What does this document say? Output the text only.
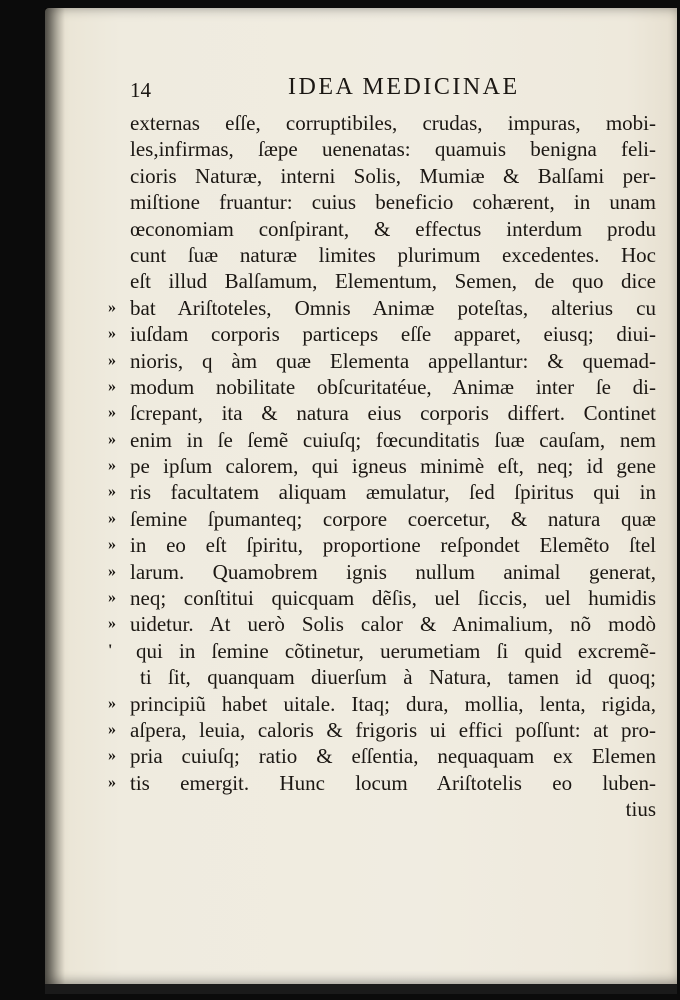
14	IDEA MEDICINAE
externas eſſe, corruptibiles, crudas, impuras, mobi-
les,infirmas, ſæpe uenenatas: quamuis benigna feli-
cioris Naturæ, interni Solis, Mumiæ & Balſami per-
miſtione fruantur: cuius beneficio cohærent, in unam
œconomiam conſpirant, & effectus interdum produ
cunt ſuæ naturæ limites plurimum excedentes. Hoc
eſt illud Balſamum, Elementum, Semen, de quo dice
» bat Ariſtoteles, Omnis Animæ poteſtas, alterius cu
» iuſdam corporis particeps eſſe apparet, eiusq; diui-
» nioris, q àm quæ Elementa appellantur: & quemad-
» modum nobilitate obſcuritatéue, Animæ inter ſe di-
» ſcrepant, ita & natura eius corporis differt. Continet
» enim in ſe ſemẽ cuiuſq; fœcunditatis ſuæ cauſam, nem
» pe ipſum calorem, qui igneus minimè eſt, neq; id gene
» ris facultatem aliquam æmulatur, ſed ſpiritus qui in
» ſemine ſpumanteq; corpore coercetur, & natura quæ
» in eo eſt ſpiritu, proportione reſpondet Elemẽto ſtel
» larum. Quamobrem ignis nullum animal generat,
» neq; conſtitui quicquam dẽſis, uel ſiccis, uel humidis
» uidetur. At uerò Solis calor & Animalium, nõ modò
' qui in ſemine cõtinetur, uerumetiam ſi quid excremẽ-
ti ſit, quanquam diuerſum à Natura, tamen id quoq;
» principiũ habet uitale. Itaq; dura, mollia, lenta, rigida,
» aſpera, leuia, caloris & frigoris ui effici poſſunt: at pro-
» pria cuiuſq; ratio & eſſentia, nequaquam ex Elemen
» tis emergit. Hunc locum Ariſtotelis eo luben-
tius
